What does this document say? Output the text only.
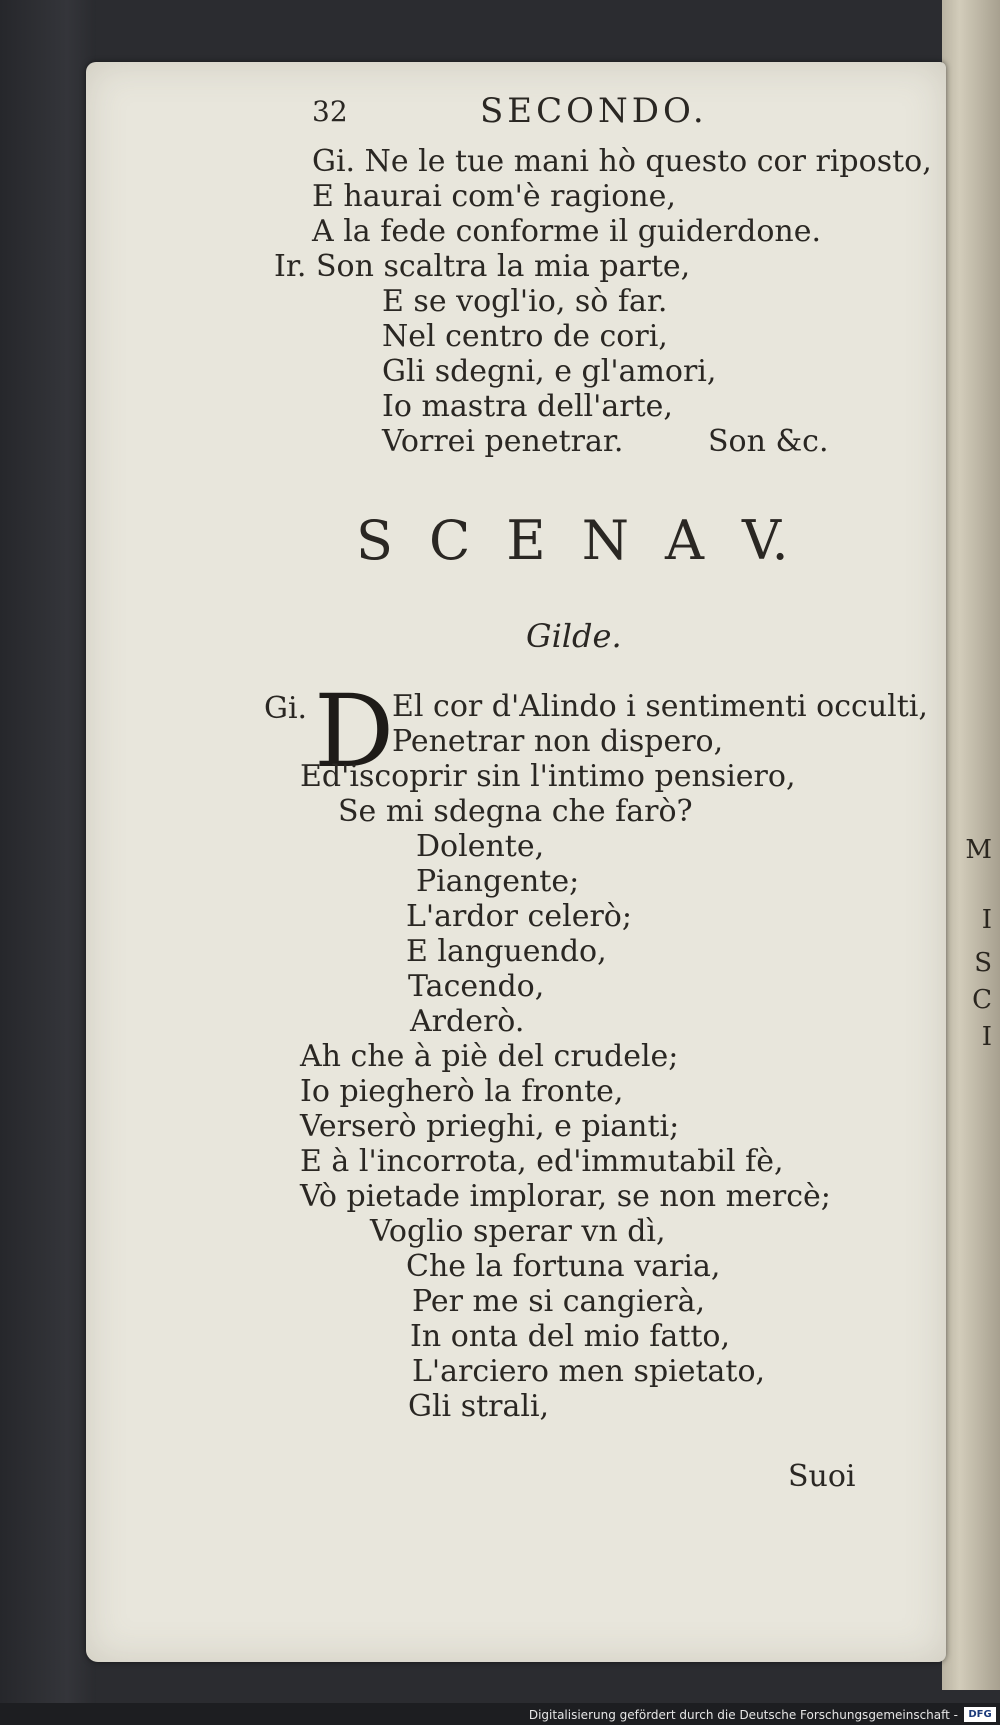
M
I
S
C
I

32	SECONDO.

Gi. Ne le tue mani hò questo cor riposto,

E haurai com'è ragione,

A la fede conforme il guiderdone.

Ir. Son scaltra la mia parte,

E se vogl'io, sò far.

Nel centro de cori,

Gli sdegni, e gl'amori,

Io mastra dell'arte,

Vorrei penetrar.	Son &c.

SCENA V.

Gilde.

Gi. D

El cor d'Alindo i sentimenti occulti,

Penetrar non dispero,

Ed'iscoprir sin l'intimo pensiero,

Se mi sdegna che farò?

Dolente,

Piangente;

L'ardor celerò;

E languendo,

Tacendo,

Arderò.

Ah che à piè del crudele;

Io piegherò la fronte,

Verserò prieghi, e pianti;

E à l'incorrota, ed'immutabil fè,

Vò pietade implorar, se non mercè;

Voglio sperar vn dì,

Che la fortuna varia,

Per me si cangierà,

In onta del mio fatto,

L'arciero men spietato,

Gli strali,

Suoi

Digitalisierung gefördert durch die Deutsche Forschungsgemeinschaft -	DFG
